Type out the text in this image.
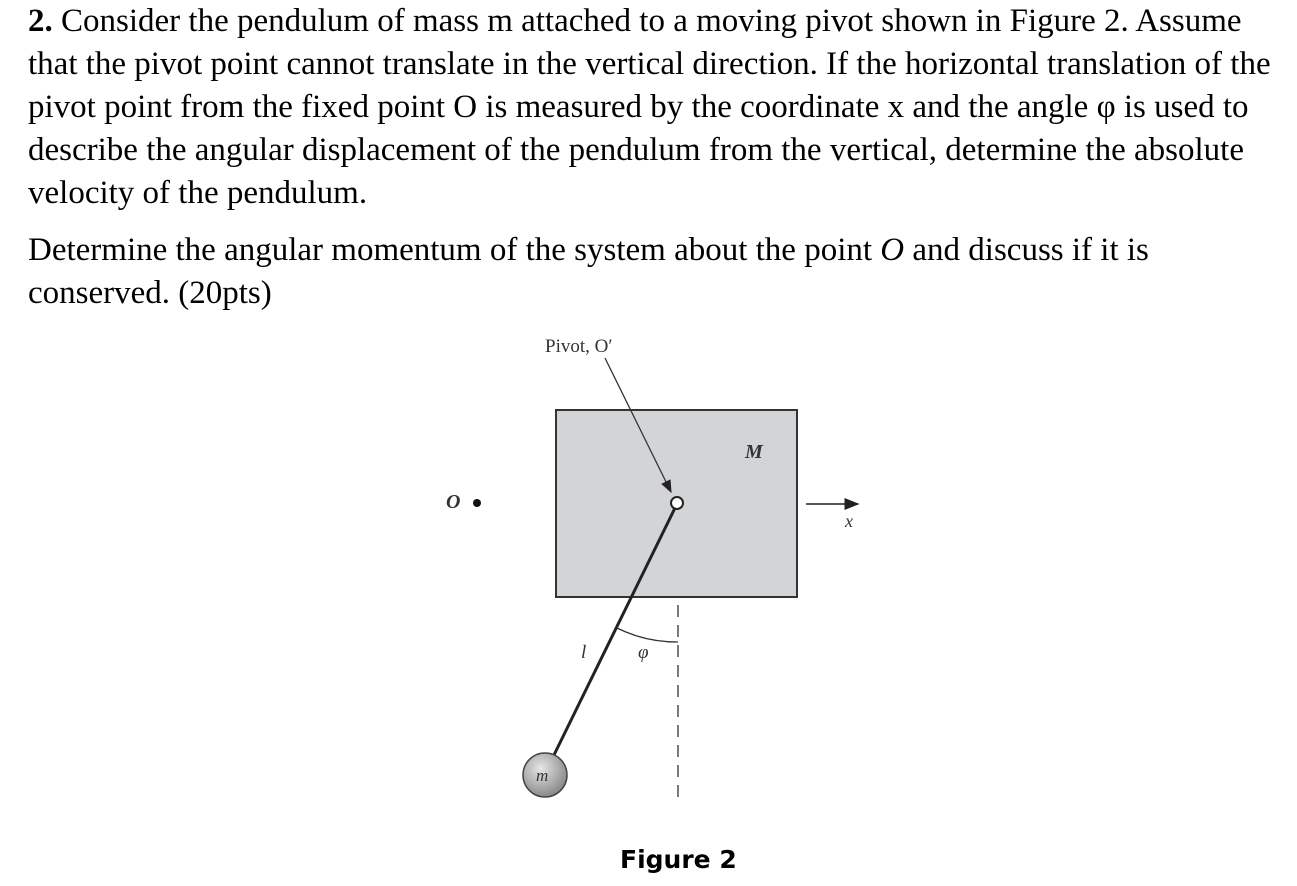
2. Consider the pendulum of mass m attached to a moving pivot shown in Figure 2. Assume that the pivot point cannot translate in the vertical direction. If the horizontal translation of the pivot point from the fixed point O is measured by the coordinate x and the angle φ is used to describe the angular displacement of the pendulum from the vertical, determine the absolute velocity of the pendulum.

Determine the angular momentum of the system about the point O and discuss if it is conserved. (20pts)

Pivot, O′
M
O
x
l	φ
m
Figure 2
